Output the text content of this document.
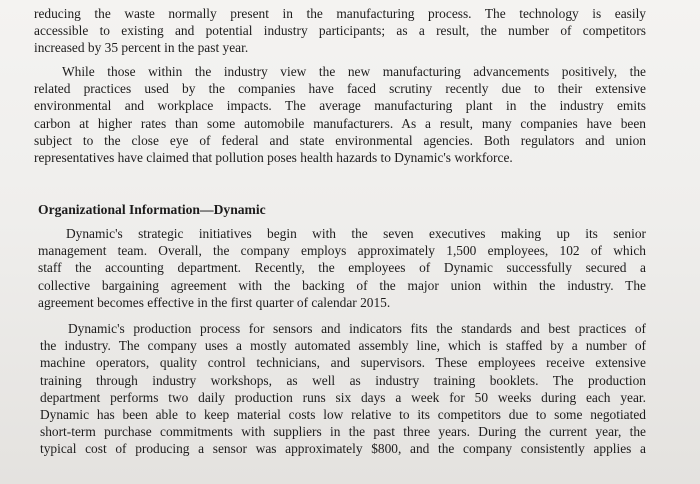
reducing the waste normally present in the manufacturing process. The technology is easily
accessible to existing and potential industry participants; as a result, the number of competitors
increased by 35 percent in the past year.
While those within the industry view the new manufacturing advancements positively, the
related practices used by the companies have faced scrutiny recently due to their extensive
environmental and workplace impacts. The average manufacturing plant in the industry emits
carbon at higher rates than some automobile manufacturers. As a result, many companies have been
subject to the close eye of federal and state environmental agencies. Both regulators and union
representatives have claimed that pollution poses health hazards to Dynamic's workforce.
Organizational Information—Dynamic
Dynamic's strategic initiatives begin with the seven executives making up its senior
management team. Overall, the company employs approximately 1,500 employees, 102 of which
staff the accounting department. Recently, the employees of Dynamic successfully secured a
collective bargaining agreement with the backing of the major union within the industry. The
agreement becomes effective in the first quarter of calendar 2015.
Dynamic's production process for sensors and indicators fits the standards and best practices of
the industry. The company uses a mostly automated assembly line, which is staffed by a number of
machine operators, quality control technicians, and supervisors. These employees receive extensive
training through industry workshops, as well as industry training booklets. The production
department performs two daily production runs six days a week for 50 weeks during each year.
Dynamic has been able to keep material costs low relative to its competitors due to some negotiated
short-term purchase commitments with suppliers in the past three years. During the current year, the
typical cost of producing a sensor was approximately $800, and the company consistently applies a
